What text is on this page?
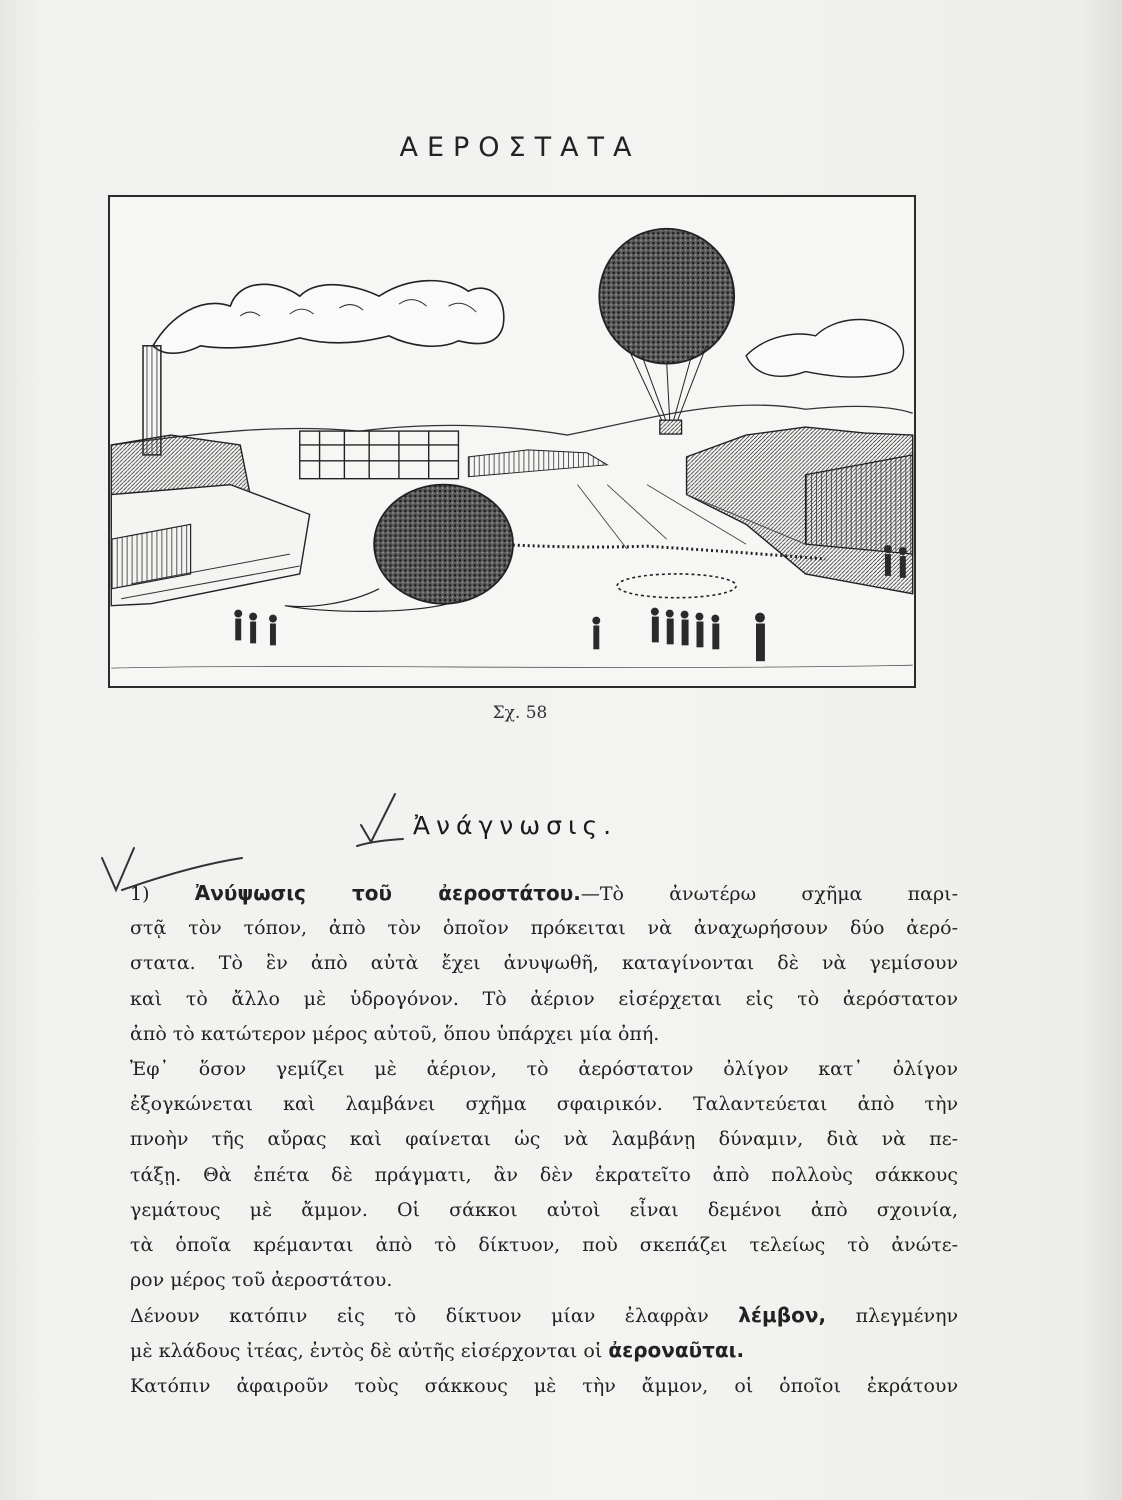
ΑΕΡΟΣΤΑΤΑ
Σχ. 58
Ἀνάγνωσις.
1) Ἀνύψωσις τοῦ ἀεροστάτου.—Τὸ ἀνωτέρω σχῆμα παρι-
στᾷ τὸν τόπον, ἀπὸ τὸν ὁποῖον πρόκειται νὰ ἀναχωρήσουν δύο ἀερό-
στατα. Τὸ ἓν ἀπὸ αὐτὰ ἔχει ἀνυψωθῆ, καταγίνονται δὲ νὰ γεμίσουν
καὶ τὸ ἄλλο μὲ ὑδρογόνον. Τὸ ἀέριον εἰσέρχεται εἰς τὸ ἀερόστατον
ἀπὸ τὸ κατώτερον μέρος αὐτοῦ, ὅπου ὑπάρχει μία ὀπή.
Ἐφ᾽ ὅσον γεμίζει μὲ ἀέριον, τὸ ἀερόστατον ὀλίγον κατ᾽ ὀλίγον
ἐξογκώνεται καὶ λαμβάνει σχῆμα σφαιρικόν. Ταλαντεύεται ἀπὸ τὴν
πνοὴν τῆς αὔρας καὶ φαίνεται ὡς νὰ λαμβάνῃ δύναμιν, διὰ νὰ πε-
τάξῃ. Θὰ ἐπέτα δὲ πράγματι, ἂν δὲν ἐκρατεῖτο ἀπὸ πολλοὺς σάκκους
γεμάτους μὲ ἄμμον. Οἱ σάκκοι αὐτοὶ εἶναι δεμένοι ἀπὸ σχοινία,
τὰ ὁποῖα κρέμανται ἀπὸ τὸ δίκτυον, ποὺ σκεπάζει τελείως τὸ ἀνώτε-
ρον μέρος τοῦ ἀεροστάτου.
Δένουν κατόπιν εἰς τὸ δίκτυον μίαν ἐλαφρὰν λέμβον, πλεγμένην
μὲ κλάδους ἰτέας, ἐντὸς δὲ αὐτῆς εἰσέρχονται οἱ ἀεροναῦται.
Κατόπιν ἀφαιροῦν τοὺς σάκκους μὲ τὴν ἄμμον, οἱ ὁποῖοι ἐκράτουν
